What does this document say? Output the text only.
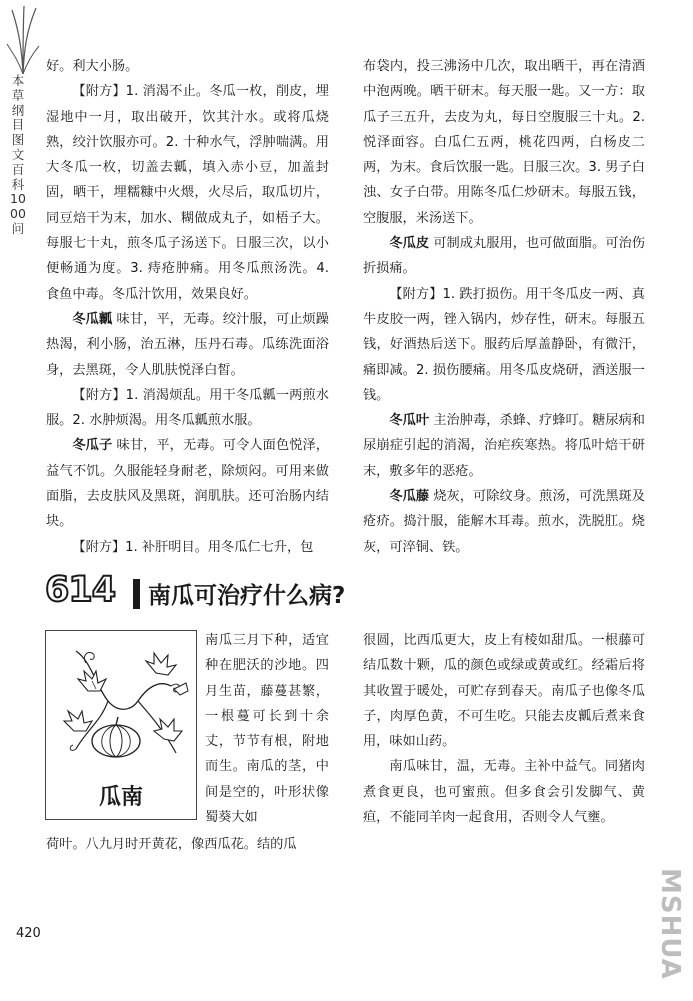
本草纲目图文百科1000问

好。利大小肠。

【附方】1. 消渴不止。冬瓜一枚，削皮，埋湿地中一月，取出破开，饮其汁水。或将瓜烧熟，绞汁饮服亦可。2. 十种水气，浮肿喘满。用大冬瓜一枚，切盖去瓤，填入赤小豆，加盖封固，晒干，埋糯糠中火煨，火尽后，取瓜切片，同豆焙干为末，加水、糊做成丸子，如梧子大。每服七十丸，煎冬瓜子汤送下。日服三次，以小便畅通为度。3. 痔疮肿痛。用冬瓜煎汤洗。4. 食鱼中毒。冬瓜汁饮用，效果良好。

冬瓜瓤 味甘，平，无毒。绞汁服，可止烦躁热渴，利小肠，治五淋，压丹石毒。瓜练洗面浴身，去黑斑，令人肌肤悦泽白皙。

【附方】1. 消渴烦乱。用干冬瓜瓤一两煎水服。2. 水肿烦渴。用冬瓜瓤煎水服。

冬瓜子 味甘，平，无毒。可令人面色悦泽，益气不饥。久服能轻身耐老，除烦闷。可用来做面脂，去皮肤风及黑斑，润肌肤。还可治肠内结块。

【附方】1. 补肝明目。用冬瓜仁七升，包

布袋内，投三沸汤中几次，取出晒干，再在清酒中泡两晚。晒干研末。每天服一匙。又一方：取瓜子三五升，去皮为丸，每日空腹服三十丸。2. 悦泽面容。白瓜仁五两，桃花四两，白杨皮二两，为末。食后饮服一匙。日服三次。3. 男子白浊、女子白带。用陈冬瓜仁炒研末。每服五钱，空腹服，米汤送下。

冬瓜皮 可制成丸服用，也可做面脂。可治伤折损痛。

【附方】1. 跌打损伤。用干冬瓜皮一两、真牛皮胶一两，锉入锅内，炒存性，研末。每服五钱，好酒热后送下。服药后厚盖静卧，有微汗，痛即减。2. 损伤腰痛。用冬瓜皮烧研，酒送服一钱。

冬瓜叶 主治肿毒，杀蜂、疗蜂叮。糖尿病和尿崩症引起的消渴，治疟疾寒热。将瓜叶焙干研末，敷多年的恶疮。

冬瓜藤 烧灰，可除纹身。煎汤，可洗黑斑及疮疥。捣汁服，能解木耳毒。煎水，洗脱肛。烧灰，可淬铜、铁。

614 南瓜可治疗什么病?
瓜南

南瓜三月下种，适宜种在肥沃的沙地。四月生苗，藤蔓甚繁，一根蔓可长到十余丈，节节有根，附地而生。南瓜的茎，中间是空的，叶形状像蜀葵大如

荷叶。八九月时开黄花，像西瓜花。结的瓜

很圆，比西瓜更大，皮上有棱如甜瓜。一根藤可结瓜数十颗，瓜的颜色或绿或黄或红。经霜后将其收置于暖处，可贮存到春天。南瓜子也像冬瓜子，肉厚色黄，不可生吃。只能去皮瓤后煮来食用，味如山药。

南瓜味甘，温，无毒。主补中益气。同猪肉煮食更良，也可蜜煎。但多食会引发脚气、黄疸，不能同羊肉一起食用，否则令人气壅。

420	MSHUA
